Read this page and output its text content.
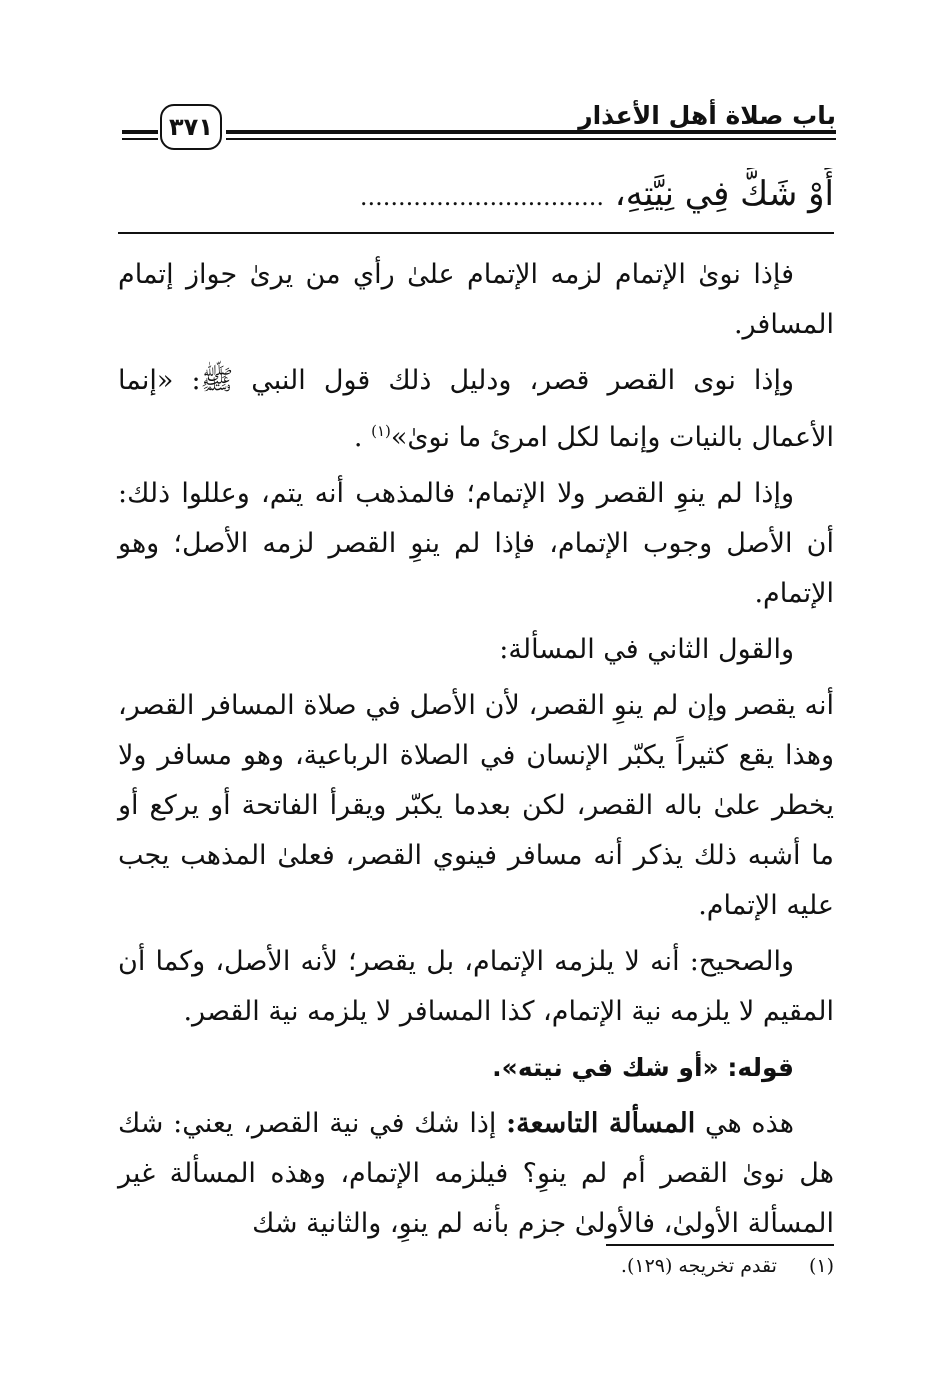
باب صلاة أهل الأعذار
٣٧١
أَوْ شَكَّ فِي نِيَّتِهِ، ................................

فإذا نوىٰ الإتمام لزمه الإتمام علىٰ رأي من يرىٰ جواز إتمام المسافر.

وإذا نوى القصر قصر، ودليل ذلك قول النبي ﷺ: «إنما الأعمال بالنيات وإنما لكل امرئ ما نوىٰ»$^{(١)}$ .

وإذا لم ينوِ القصر ولا الإتمام؛ فالمذهب أنه يتم، وعللوا ذلك: أن الأصل وجوب الإتمام، فإذا لم ينوِ القصر لزمه الأصل؛ وهو الإتمام.

والقول الثاني في المسألة:

أنه يقصر وإن لم ينوِ القصر، لأن الأصل في صلاة المسافر القصر، وهذا يقع كثيراً يكبّر الإنسان في الصلاة الرباعية، وهو مسافر ولا يخطر علىٰ باله القصر، لكن بعدما يكبّر ويقرأ الفاتحة أو يركع أو ما أشبه ذلك يذكر أنه مسافر فينوي القصر، فعلىٰ المذهب يجب عليه الإتمام.

والصحيح: أنه لا يلزمه الإتمام، بل يقصر؛ لأنه الأصل، وكما أن المقيم لا يلزمه نية الإتمام، كذا المسافر لا يلزمه نية القصر.

قوله: «أو شك في نيته».

هذه هي المسألة التاسعة: إذا شك في نية القصر، يعني: شك هل نوىٰ القصر أم لم ينوِ؟ فيلزمه الإتمام، وهذه المسألة غير المسألة الأولىٰ، فالأولىٰ جزم بأنه لم ينوِ، والثانية شك

(١) تقدم تخريجه (١٢٩).
